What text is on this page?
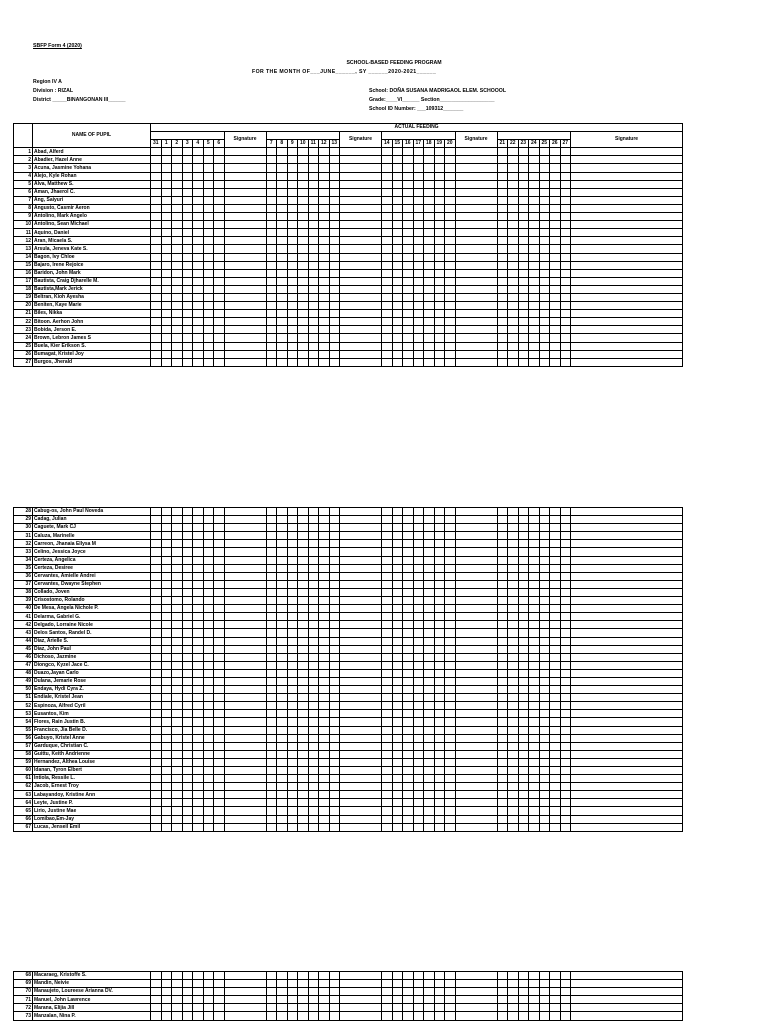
SBFP Form 4 (2020)
SCHOOL-BASED FEEDING PROGRAM
FOR THE MONTH OF___JUNE______, SY ______2020-2021______
Region IV A
Division : RIZAL
District _____BINANGONAN III______
School: DOÑA SUSANA MADRIGAOL ELEM. SCHOOOL
Grade:____VI______ Section___________________
School ID Number: ___109312_______
	NAME OF PUPIL	ACTUAL FEEDING																															
									Signature								Signature								Signature								Signature
		31	1	2	3	4	5	6		7	8	9	10	11	12	13		14	15	16	17	18	19	20		21	22	23	24	25	26	27	
1	Abad, Alferd																																
2	Abadier, Hazel Anne																																
3	Acuna, Jasmine Yohana																																
4	Alejo, Kyle Rohan																																
5	Alva, Matthew S.																																
6	Aman, Jhaerol C.																																
7	Ang, Saiyuri																																
8	Angusto, Casmir Aeron																																
9	Antolino, Mark Angelo																																
10	Antolino, Sean Michael																																
11	Aquino, Daniel																																
12	Aran, Micaela S.																																
13	Arsula, Jeneva Kate S.																																
14	Bagon, Ivy Chloe																																
15	Bajaro, Irene Rejoice																																
16	Baridon, John Mark																																
17	Bautista, Craig Djharelle M.																																
18	Bautista,Mark Jerick																																
19	Beltran, Kioh Ayesha																																
20	Beniten, Kaye Marie																																
21	Biles, Nikka																																
22	Bitoon. Aerhon John																																
23	Bobida, Jerson E.																																
24	Brown, Lebron James S																																
25	Buela, Kier Erikson S.																																
26	Bumagat, Kristel Joy																																
27	Burgos, Jherald																																
28	Cabug-os, John Paul Noveda																																
29	Cadag, Julian																																
30	Caguete, Mark CJ																																
31	Caluza, Marinelle																																
32	Carreon, Jhanaia Ellysa M																																
33	Celino, Jessica Joyce																																
34	Certeza, Angelica																																
35	Certeza, Desiree																																
36	Cervantes, Amielle Andrei																																
37	Cervantes, Dwayne Stephen																																
38	Collado, Joven																																
39	Crisostomo, Rolando																																
40	De Mesa, Angela Nichole P.																																
41	Delarma, Gabriel G.																																
42	Delgado, Lorraine Nicole																																
43	Delos Santos, Randel D.																																
44	Diaz, Arielle S.																																
45	Diaz, John Paul																																
46	Dichoso, Jazmine																																
47	Diongco, Kyzel Jace C.																																
48	Duazo,Jayan Carlo																																
49	Dulana, Jemarie Rose																																
50	Endaya, Hydi Cyra Z.																																
51	Endiale, Kristel Jean																																
52	Espinoza, Alfred Cyril																																
53	Eusantos, Kim																																
54	Flores, Rain Justin B.																																
55	Francisco, Jia Belle D.																																
56	Gabuyo, Kristel Anne																																
57	Garduque, Christian C.																																
58	Guittu, Keith Andrienne																																
59	Hernandez, Althea Louise																																
60	Idanan, Tyron Elbert																																
61	Intiola, Ressile L.																																
62	Jacob, Ernest Troy																																
63	Labayandoy, Kristine Ann																																
64	Leyte, Justine P.																																
65	Lirio, Justine Mae																																
66	Lomibao,Em-Jay																																
67	Lucas, Jenseil Emil																																
68	Macaraeg, Kristoffe S.																																
69	Mandin, Neivie																																
70	Manaujeto, Loureese Arianna DV.																																
71	Manuel, John Lawrence																																
72	Marana, Elijia Jill																																
73	Manzalan, Nina P.																																
